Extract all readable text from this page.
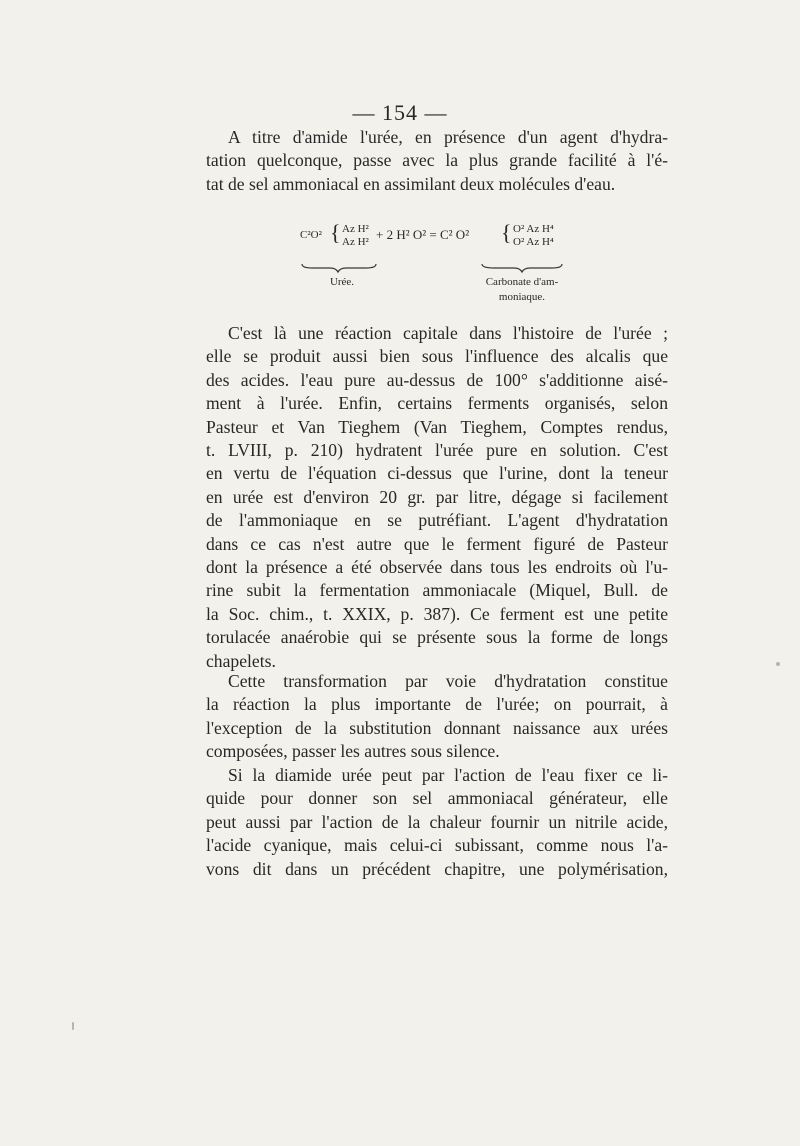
— 154 —

A titre d'amide l'urée, en présence d'un agent d'hydra-
tation quelconque, passe avec la plus grande facilité à l'é-
tat de sel ammoniacal en assimilant deux molécules d'eau.

C²O² { Az H²
Az H² + 2 H² O² = C² O² { O² Az H⁴
O² Az H⁴
Urée.	Carbonate d'am-
moniaque.

C'est là une réaction capitale dans l'histoire de l'urée ;
elle se produit aussi bien sous l'influence des alcalis que
des acides. l'eau pure au-dessus de 100° s'additionne aisé-
ment à l'urée. Enfin, certains ferments organisés, selon
Pasteur et Van Tieghem (Van Tieghem, Comptes rendus,
t. LVIII, p. 210) hydratent l'urée pure en solution. C'est
en vertu de l'équation ci-dessus que l'urine, dont la teneur
en urée est d'environ 20 gr. par litre, dégage si facilement
de l'ammoniaque en se putréfiant. L'agent d'hydratation
dans ce cas n'est autre que le ferment figuré de Pasteur
dont la présence a été observée dans tous les endroits où l'u-
rine subit la fermentation ammoniacale (Miquel, Bull. de
la Soc. chim., t. XXIX, p. 387). Ce ferment est une petite
torulacée anaérobie qui se présente sous la forme de longs
chapelets.

Cette transformation par voie d'hydratation constitue
la réaction la plus importante de l'urée; on pourrait, à
l'exception de la substitution donnant naissance aux urées
composées, passer les autres sous silence.

Si la diamide urée peut par l'action de l'eau fixer ce li-
quide pour donner son sel ammoniacal générateur, elle
peut aussi par l'action de la chaleur fournir un nitrile acide,
l'acide cyanique, mais celui-ci subissant, comme nous l'a-
vons dit dans un précédent chapitre, une polymérisation,
